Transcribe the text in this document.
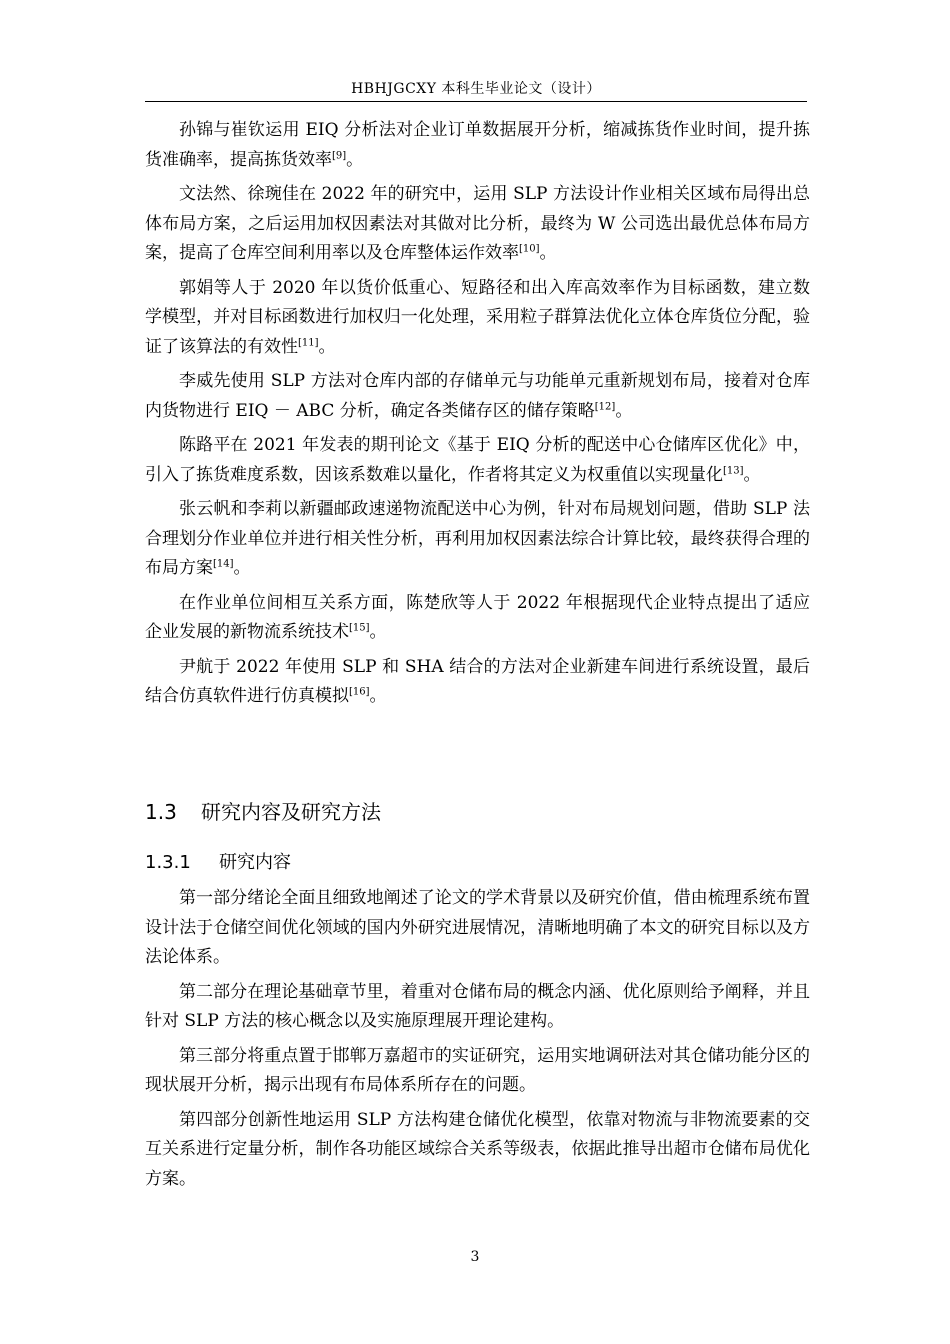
HBHJGCXY 本科生毕业论文（设计）

孙锦与崔钦运用 EIQ 分析法对企业订单数据展开分析，缩减拣货作业时间，提升拣货准确率，提高拣货效率[9]。

文法然、徐琬佳在 2022 年的研究中，运用 SLP 方法设计作业相关区域布局得出总体布局方案，之后运用加权因素法对其做对比分析，最终为 W 公司选出最优总体布局方案，提高了仓库空间利用率以及仓库整体运作效率[10]。

郭娟等人于 2020 年以货价低重心、短路径和出入库高效率作为目标函数，建立数学模型，并对目标函数进行加权归一化处理，采用粒子群算法优化立体仓库货位分配，验证了该算法的有效性[11]。

李威先使用 SLP 方法对仓库内部的存储单元与功能单元重新规划布局，接着对仓库内货物进行 EIQ － ABC 分析，确定各类储存区的储存策略[12]。

陈路平在 2021 年发表的期刊论文《基于 EIQ 分析的配送中心仓储库区优化》中，引入了拣货难度系数，因该系数难以量化，作者将其定义为权重值以实现量化[13]。

张云帆和李莉以新疆邮政速递物流配送中心为例，针对布局规划问题，借助 SLP 法合理划分作业单位并进行相关性分析，再利用加权因素法综合计算比较，最终获得合理的布局方案[14]。

在作业单位间相互关系方面，陈楚欣等人于 2022 年根据现代企业特点提出了适应企业发展的新物流系统技术[15]。

尹航于 2022 年使用 SLP 和 SHA 结合的方法对企业新建车间进行系统设置，最后结合仿真软件进行仿真模拟[16]。

1.3 研究内容及研究方法
1.3.1 研究内容

第一部分绪论全面且细致地阐述了论文的学术背景以及研究价值，借由梳理系统布置设计法于仓储空间优化领域的国内外研究进展情况，清晰地明确了本文的研究目标以及方法论体系。

第二部分在理论基础章节里，着重对仓储布局的概念内涵、优化原则给予阐释，并且针对 SLP 方法的核心概念以及实施原理展开理论建构。

第三部分将重点置于邯郸万嘉超市的实证研究，运用实地调研法对其仓储功能分区的现状展开分析，揭示出现有布局体系所存在的问题。

第四部分创新性地运用 SLP 方法构建仓储优化模型，依靠对物流与非物流要素的交互关系进行定量分析，制作各功能区域综合关系等级表，依据此推导出超市仓储布局优化方案。

3
